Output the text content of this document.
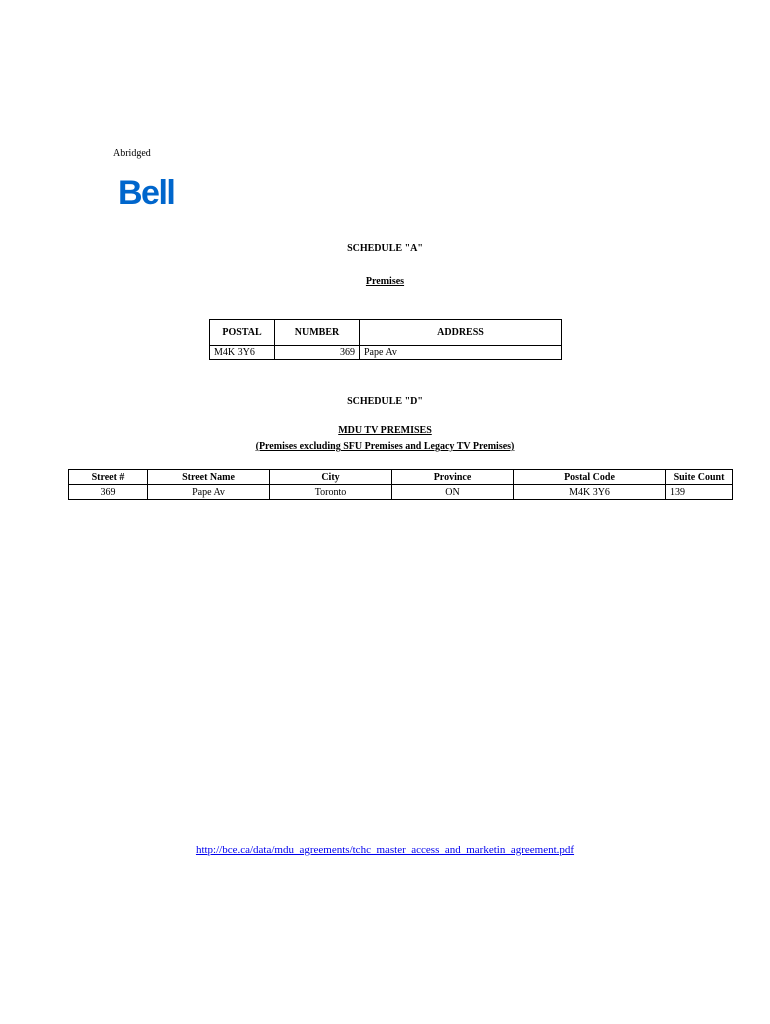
Abridged
Bell
SCHEDULE "A"
Premises
POSTAL	NUMBER	ADDRESS
M4K 3Y6	369	Pape Av
SCHEDULE "D"
MDU TV PREMISES
(Premises excluding SFU Premises and Legacy TV Premises)
Street #	Street Name	City	Province	Postal Code	Suite Count
369	Pape Av	Toronto	ON	M4K 3Y6	139
http://bce.ca/data/mdu_agreements/tchc_master_access_and_marketin_agreement.pdf
